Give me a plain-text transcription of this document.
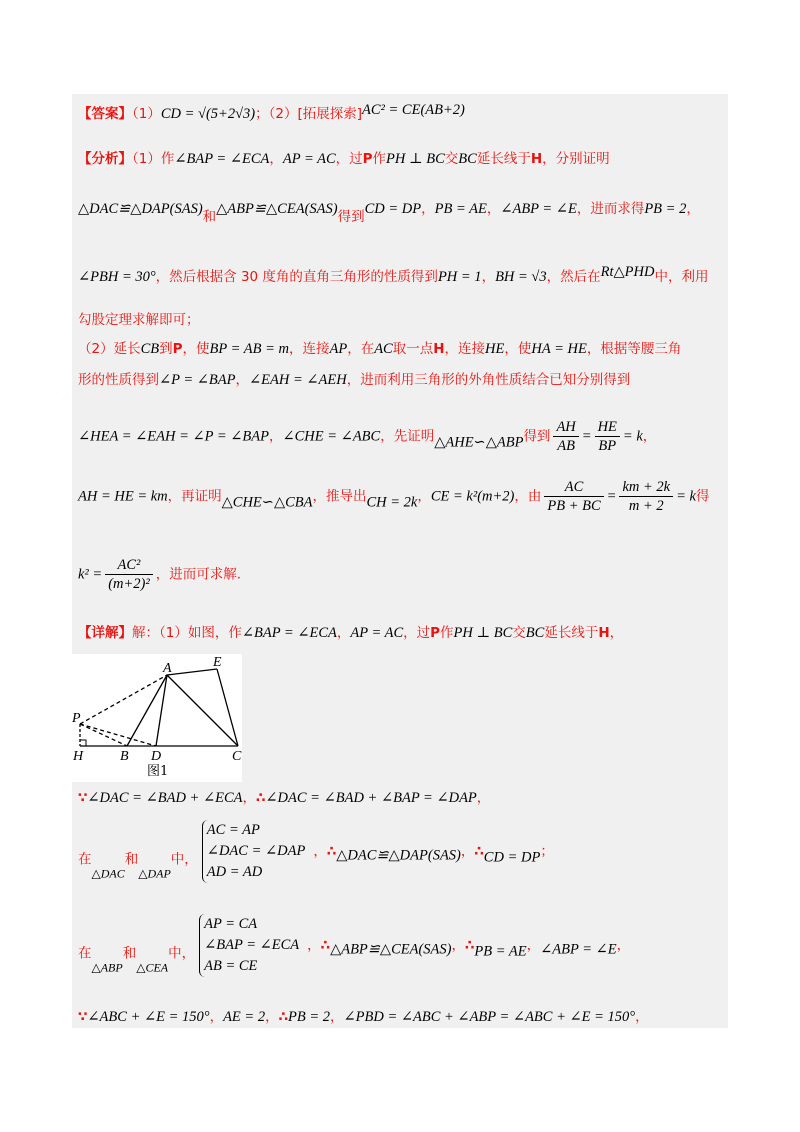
【答案】（1）CD = √(5+2√3)；（2）[拓展探索]AC² = CE(AB+2)
【分析】（1）作∠BAP = ∠ECA，AP = AC，过P作PH ⊥ BC交BC延长线于H，分别证明
△DAC≌△DAP(SAS)和△ABP≌△CEA(SAS)得到CD = DP，PB = AE，∠ABP = ∠E，进而求得PB = 2，
∠PBH = 30°，然后根据含 30 度角的直角三角形的性质得到PH = 1，BH = √3，然后在Rt△PHD中，利用
勾股定理求解即可；
（2）延长CB到P，使BP = AB = m，连接AP，在AC取一点H，连接HE，使HA = HE，根据等腰三角
形的性质得到∠P = ∠BAP，∠EAH = ∠AEH，进而利用三角形的外角性质结合已知分别得到
∠HEA = ∠EAH = ∠P = ∠BAP，∠CHE = ∠ABC，先证明△AHE∽△ABP得到 $\frac{AH}{AB} = \frac{HE}{BP} = k$，
AH = HE = km，再证明△CHE∽△CBA，推导出CH = 2k，CE = k²(m+2)，由 $\frac{AC}{PB + BC} = \frac{km + 2k}{m + 2} = k$得
$k^2 = \frac{\text{AC²}}{\text{(m+2)²}}$ ，进而可求解.
【详解】解：（1）如图，作∠BAP = ∠ECA，AP = AC，过P作PH ⊥ BC交BC延长线于H，
A	E
P
H	B D	C
图1
∵∠DAC = ∠BAD + ∠ECA，∴∠DAC = ∠BAD + ∠BAP = ∠DAP，
在△DAC和△DAP中，
AC = AP
∠DAC = ∠DAP
AD = AD
，∴△DAC≌△DAP(SAS)，∴CD = DP；
在△ABP和△CEA中，
AP = CA
∠BAP = ∠ECA
AB = CE
，∴△ABP≌△CEA(SAS)，∴PB = AE，∠ABP = ∠E，
∵∠ABC + ∠E = 150°，AE = 2，∴PB = 2，∠PBD = ∠ABC + ∠ABP = ∠ABC + ∠E = 150°，
